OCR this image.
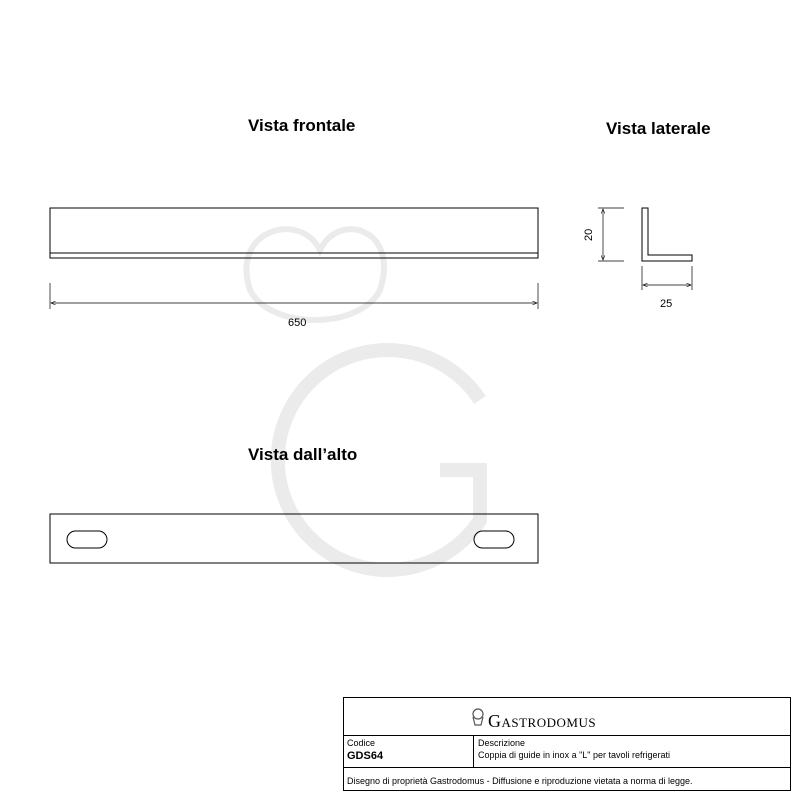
650
20
25
Vista frontale	Vista laterale
Vista dall’alto
Gastrodomus
Codice
GDS64
Descrizione
Coppia di guide in inox a "L" per tavoli refrigerati
Disegno di proprietà Gastrodomus - Diffusione e riproduzione vietata a norma di legge.
